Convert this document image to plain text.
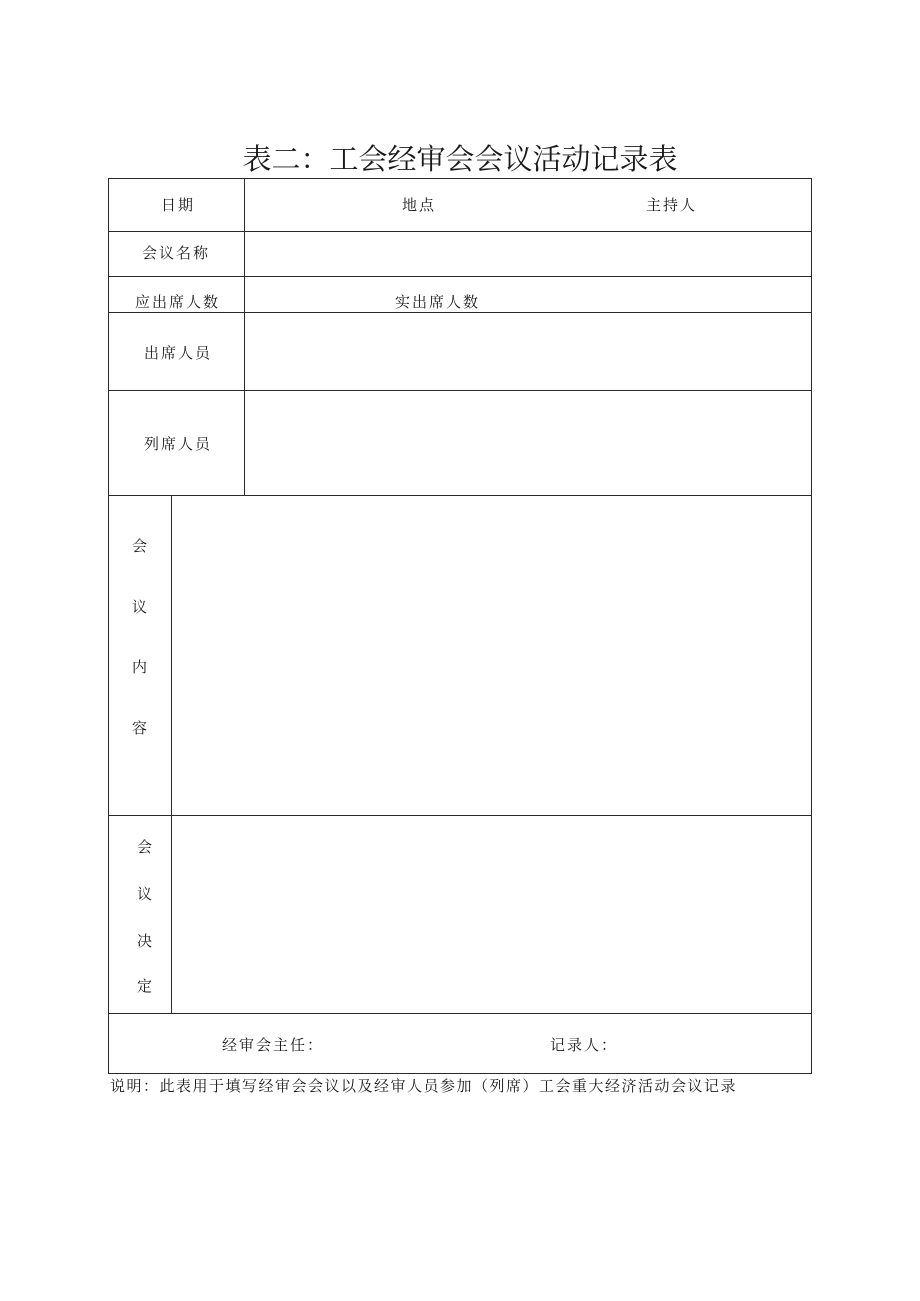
表二：工会经审会会议活动记录表
日期	地点	主持人
会议名称
应出席人数	实出席人数
出席人员
列席人员
会
议
内
容
会
议
决
定
经审会主任：	记录人：
说明：此表用于填写经审会会议以及经审人员参加（列席）工会重大经济活动会议记录
